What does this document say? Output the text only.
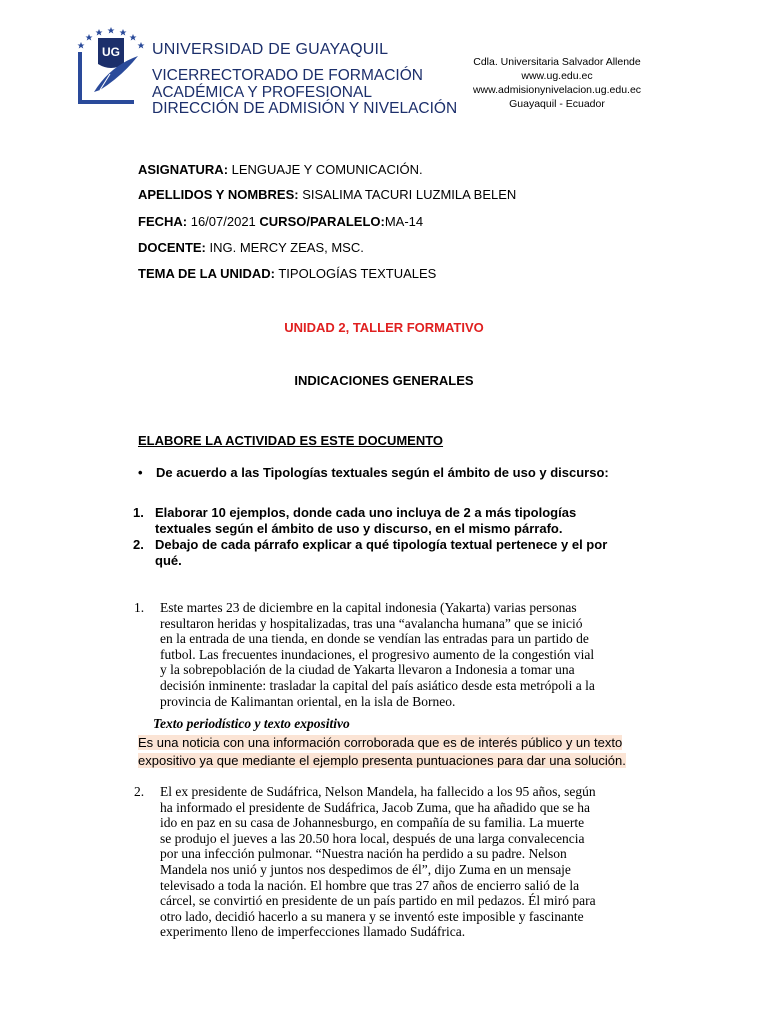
UG UNIVERSIDAD DE GUAYAQUIL
VICERRECTORADO DE FORMACIÓN
ACADÉMICA Y PROFESIONAL
DIRECCIÓN DE ADMISIÓN Y NIVELACIÓN
Cdla. Universitaria Salvador Allende
www.ug.edu.ec
www.admisionynivelacion.ug.edu.ec
Guayaquil - Ecuador
ASIGNATURA: LENGUAJE Y COMUNICACIÓN.
APELLIDOS Y NOMBRES: SISALIMA TACURI LUZMILA BELEN
FECHA: 16/07/2021 CURSO/PARALELO:MA-14
DOCENTE: ING. MERCY ZEAS, MSC.
TEMA DE LA UNIDAD: TIPOLOGÍAS TEXTUALES
UNIDAD 2, TALLER FORMATIVO
INDICACIONES GENERALES
ELABORE LA ACTIVIDAD ES ESTE DOCUMENTO
• De acuerdo a las Tipologías textuales según el ámbito de uso y discurso:
1. Elaborar 10 ejemplos, donde cada uno incluya de 2 a más tipologías
textuales según el ámbito de uso y discurso, en el mismo párrafo.
2. Debajo de cada párrafo explicar a qué tipología textual pertenece y el por
qué.
1. Este martes 23 de diciembre en la capital indonesia (Yakarta) varias personas
resultaron heridas y hospitalizadas, tras una “avalancha humana” que se inició
en la entrada de una tienda, en donde se vendían las entradas para un partido de
futbol. Las frecuentes inundaciones, el progresivo aumento de la congestión vial
y la sobrepoblación de la ciudad de Yakarta llevaron a Indonesia a tomar una
decisión inminente: trasladar la capital del país asiático desde esta metrópoli a la
provincia de Kalimantan oriental, en la isla de Borneo.
Texto periodístico y texto expositivo
Es una noticia con una información corroborada que es de interés público y un texto
expositivo ya que mediante el ejemplo presenta puntuaciones para dar una solución.
2. El ex presidente de Sudáfrica, Nelson Mandela, ha fallecido a los 95 años, según
ha informado el presidente de Sudáfrica, Jacob Zuma, que ha añadido que se ha
ido en paz en su casa de Johannesburgo, en compañía de su familia. La muerte
se produjo el jueves a las 20.50 hora local, después de una larga convalecencia
por una infección pulmonar. “Nuestra nación ha perdido a su padre. Nelson
Mandela nos unió y juntos nos despedimos de él”, dijo Zuma en un mensaje
televisado a toda la nación. El hombre que tras 27 años de encierro salió de la
cárcel, se convirtió en presidente de un país partido en mil pedazos. Él miró para
otro lado, decidió hacerlo a su manera y se inventó este imposible y fascinante
experimento lleno de imperfecciones llamado Sudáfrica.
